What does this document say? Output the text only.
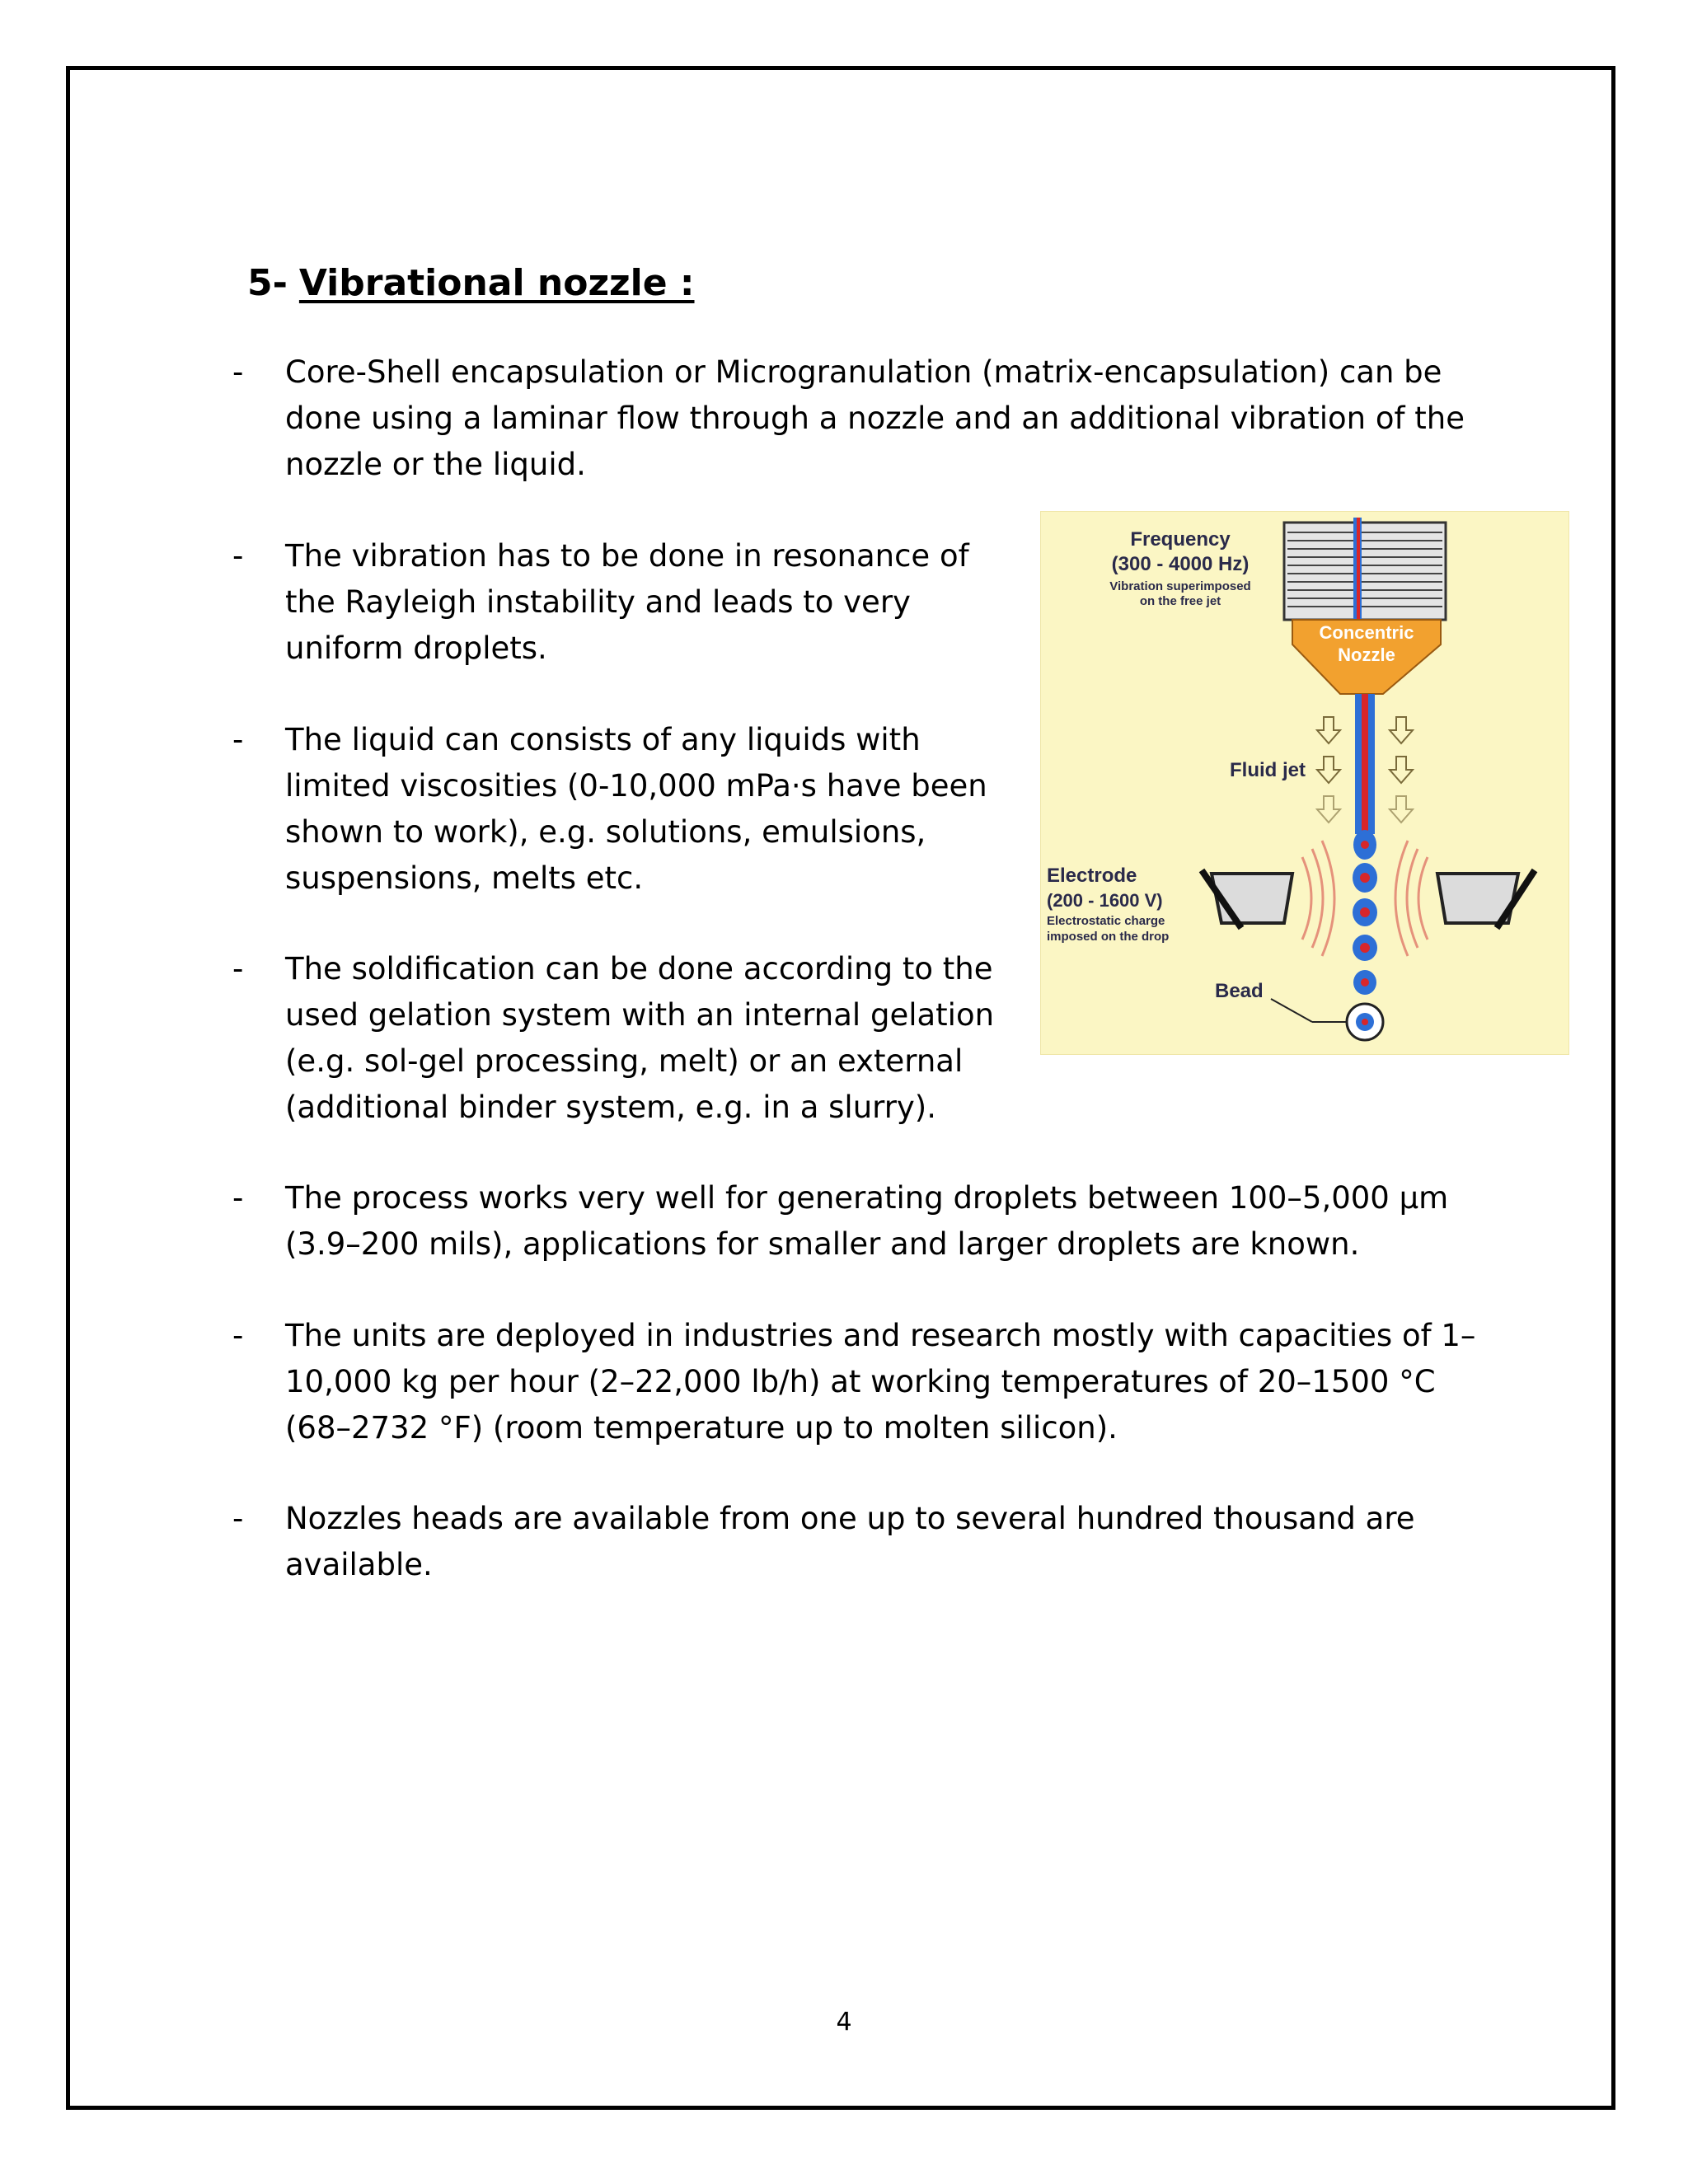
5- Vibrational nozzle :
- Core-Shell encapsulation or Microgranulation (matrix-encapsulation) can be done using a laminar flow through a nozzle and an additional vibration of the nozzle or the liquid.
- The vibration has to be done in resonance of the Rayleigh instability and leads to very uniform droplets.
- The liquid can consists of any liquids with limited viscosities (0-10,000 mPa·s have been shown to work), e.g. solutions, emulsions, suspensions, melts etc.
- The soldification can be done according to the used gelation system with an internal gelation (e.g. sol-gel processing, melt) or an external (additional binder system, e.g. in a slurry).
- The process works very well for generating droplets between 100–5,000 μm (3.9–200 mils), applications for smaller and larger droplets are known.
- The units are deployed in industries and research mostly with capacities of 1–10,000 kg per hour (2–22,000 lb/h) at working temperatures of 20–1500 °C (68–2732 °F) (room temperature up to molten silicon).
- Nozzles heads are available from one up to several hundred thousand are available.
Concentric
Nozzle
Frequency
(300 - 4000 Hz)
Vibration superimposed
on the free jet
Fluid jet
Electrode
(200 - 1600 V)
Electrostatic charge
imposed on the drop
Bead
4
